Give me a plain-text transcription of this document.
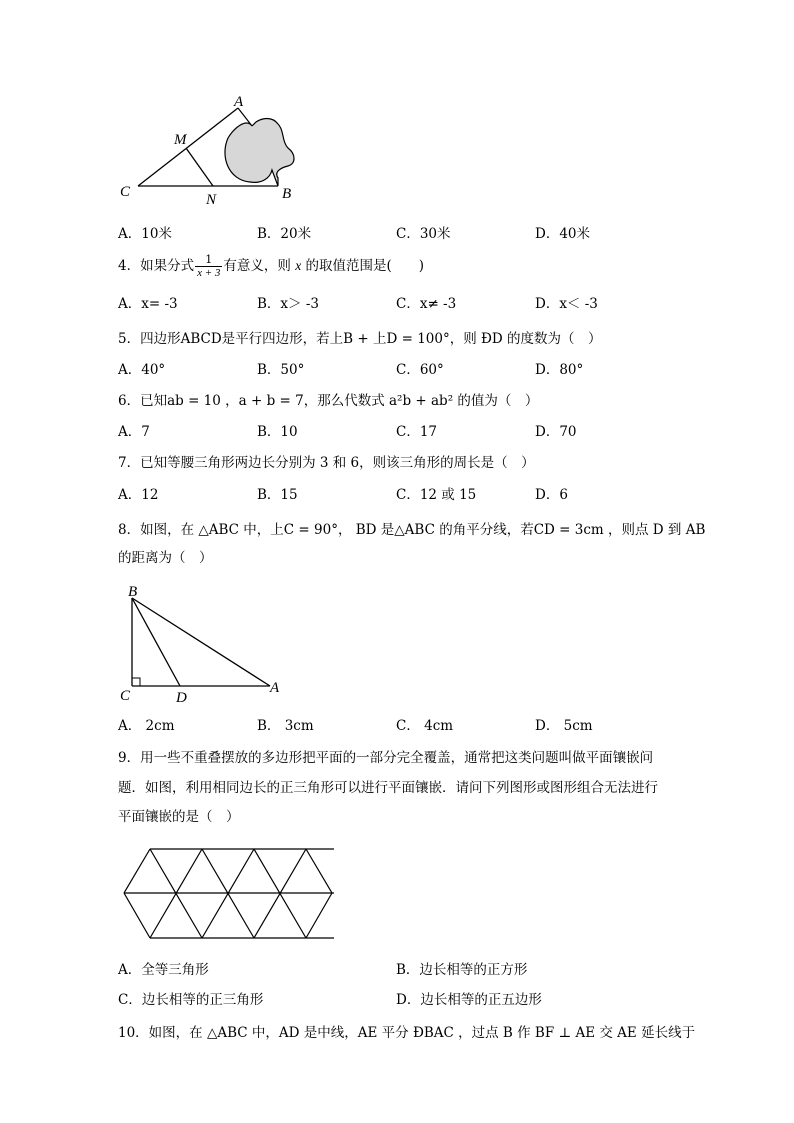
A
M
C	N	B
A．10米	B．20米	C．30米	D．40米
4．如果分式 $\frac{1}{x + 3}$ 有意义，则 x 的取值范围是(　　)
A．x= -3	B．x＞ -3	C．x≠ -3	D．x＜ -3
5．四边形ABCD是平行四边形，若上B + 上D = 100°，则 ÐD 的度数为（　）
A．40°	B．50°	C．60°	D．80°
6．已知ab = 10 ，a + b = 7，那么代数式 a²b + ab² 的值为（　）
A．7	B．10	C．17	D．70
7．已知等腰三角形两边长分别为 3 和 6，则该三角形的周长是（　）
A．12	B．15	C．12 或 15	D．6
8．如图，在 △ABC 中，上C = 90°， BD 是△ABC 的角平分线，若CD = 3cm ，则点 D 到 AB
的距离为（　）
B
C	D
A
A． 2cm	B． 3cm	C． 4cm	D． 5cm
9．用一些不重叠摆放的多边形把平面的一部分完全覆盖，通常把这类问题叫做平面镶嵌问
题．如图，利用相同边长的正三角形可以进行平面镶嵌．请问下列图形或图形组合无法进行
平面镶嵌的是（　）
A．全等三角形	B．边长相等的正方形
C．边长相等的正三角形	D．边长相等的正五边形
10．如图，在 △ABC 中，AD 是中线，AE 平分 ÐBAC ，过点 B 作 BF ⊥ AE 交 AE 延长线于
